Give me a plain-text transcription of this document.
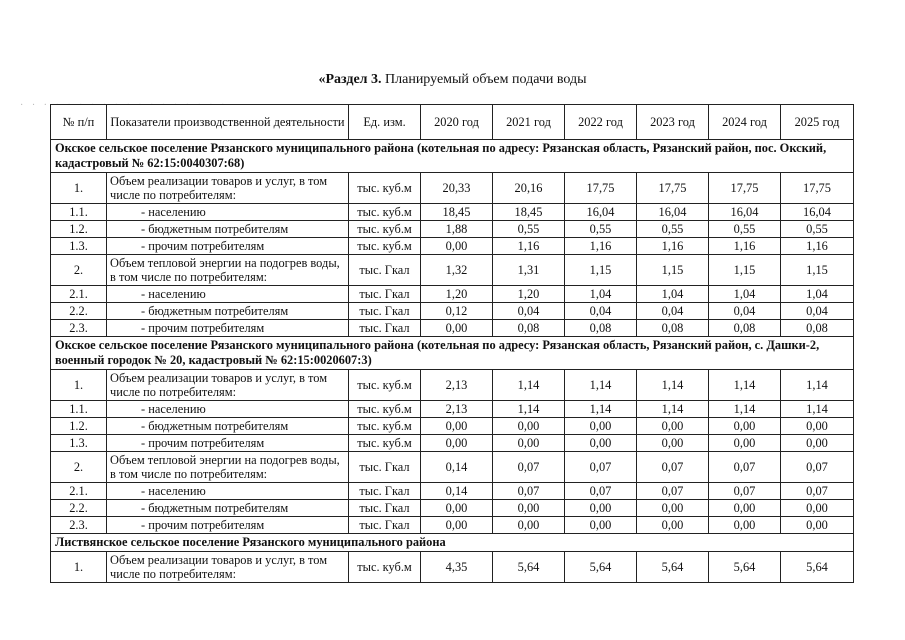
· · · · · · · · · · · · · · · · · ·
«Раздел 3. Планируемый объем подачи воды
№ п/п	Показатели производственной деятельности	Ед. изм.	2020 год	2021 год	2022 год	2023 год	2024 год	2025 год
Окское сельское поселение Рязанского муниципального района (котельная по адресу: Рязанская область, Рязанский район, пос. Окский, кадастровый № 62:15:0040307:68)								
1.	Объем реализации товаров и услуг, в том числе по потребителям:	тыс. куб.м	20,33	20,16	17,75	17,75	17,75	17,75
1.1.	- населению	тыс. куб.м	18,45	18,45	16,04	16,04	16,04	16,04
1.2.	- бюджетным потребителям	тыс. куб.м	1,88	0,55	0,55	0,55	0,55	0,55
1.3.	- прочим потребителям	тыс. куб.м	0,00	1,16	1,16	1,16	1,16	1,16
2.	Объем тепловой энергии на подогрев воды, в том числе по потребителям:	тыс. Гкал	1,32	1,31	1,15	1,15	1,15	1,15
2.1.	- населению	тыс. Гкал	1,20	1,20	1,04	1,04	1,04	1,04
2.2.	- бюджетным потребителям	тыс. Гкал	0,12	0,04	0,04	0,04	0,04	0,04
2.3.	- прочим потребителям	тыс. Гкал	0,00	0,08	0,08	0,08	0,08	0,08
Окское сельское поселение Рязанского муниципального района (котельная по адресу: Рязанская область, Рязанский район, с. Дашки-2, военный городок № 20, кадастровый № 62:15:0020607:3)								
1.	Объем реализации товаров и услуг, в том числе по потребителям:	тыс. куб.м	2,13	1,14	1,14	1,14	1,14	1,14
1.1.	- населению	тыс. куб.м	2,13	1,14	1,14	1,14	1,14	1,14
1.2.	- бюджетным потребителям	тыс. куб.м	0,00	0,00	0,00	0,00	0,00	0,00
1.3.	- прочим потребителям	тыс. куб.м	0,00	0,00	0,00	0,00	0,00	0,00
2.	Объем тепловой энергии на подогрев воды, в том числе по потребителям:	тыс. Гкал	0,14	0,07	0,07	0,07	0,07	0,07
2.1.	- населению	тыс. Гкал	0,14	0,07	0,07	0,07	0,07	0,07
2.2.	- бюджетным потребителям	тыс. Гкал	0,00	0,00	0,00	0,00	0,00	0,00
2.3.	- прочим потребителям	тыс. Гкал	0,00	0,00	0,00	0,00	0,00	0,00
Листвянское сельское поселение Рязанского муниципального района								
1.	Объем реализации товаров и услуг, в том числе по потребителям:	тыс. куб.м	4,35	5,64	5,64	5,64	5,64	5,64
